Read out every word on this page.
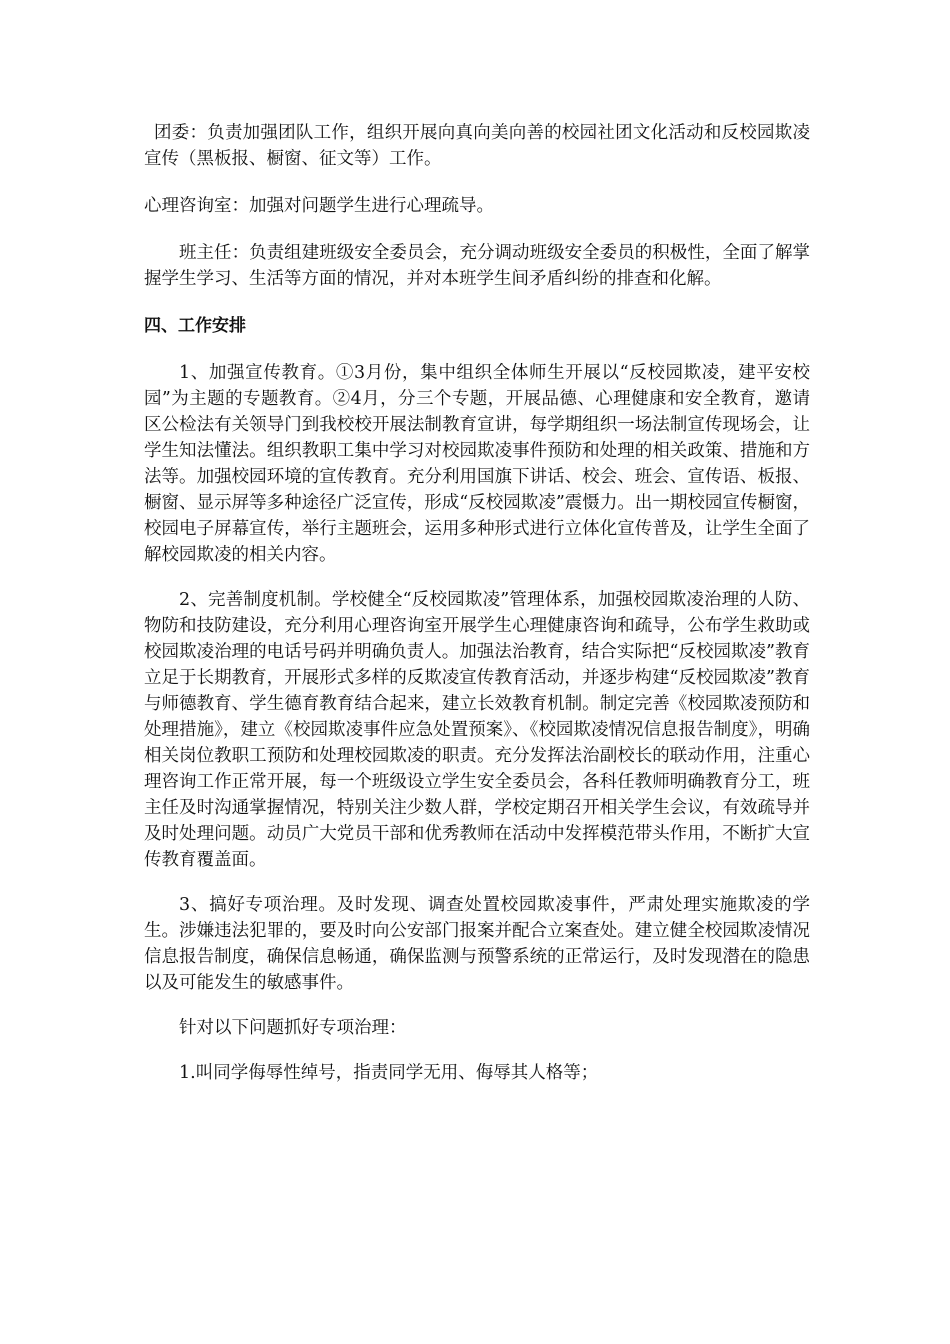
团委：负责加强团队工作，组织开展向真向美向善的校园社团文化活动和反校园欺凌宣传（黑板报、橱窗、征文等）工作。

心理咨询室：加强对问题学生进行心理疏导。

班主任：负责组建班级安全委员会，充分调动班级安全委员的积极性，全面了解掌握学生学习、生活等方面的情况，并对本班学生间矛盾纠纷的排查和化解。

四、工作安排

1、加强宣传教育。①3月份，集中组织全体师生开展以“反校园欺凌，建平安校园”为主题的专题教育。②4月，分三个专题，开展品德、心理健康和安全教育，邀请区公检法有关领导门到我校校开展法制教育宣讲，每学期组织一场法制宣传现场会，让学生知法懂法。组织教职工集中学习对校园欺凌事件预防和处理的相关政策、措施和方法等。加强校园环境的宣传教育。充分利用国旗下讲话、校会、班会、宣传语、板报、橱窗、显示屏等多种途径广泛宣传，形成“反校园欺凌”震慑力。出一期校园宣传橱窗，校园电子屏幕宣传，举行主题班会，运用多种形式进行立体化宣传普及，让学生全面了解校园欺凌的相关内容。

2、完善制度机制。学校健全“反校园欺凌”管理体系，加强校园欺凌治理的人防、物防和技防建设，充分利用心理咨询室开展学生心理健康咨询和疏导，公布学生救助或校园欺凌治理的电话号码并明确负责人。加强法治教育，结合实际把“反校园欺凌”教育立足于长期教育，开展形式多样的反欺凌宣传教育活动，并逐步构建“反校园欺凌”教育与师德教育、学生德育教育结合起来，建立长效教育机制。制定完善《校园欺凌预防和处理措施》，建立《校园欺凌事件应急处置预案》、《校园欺凌情况信息报告制度》，明确相关岗位教职工预防和处理校园欺凌的职责。充分发挥法治副校长的联动作用，注重心理咨询工作正常开展，每一个班级设立学生安全委员会，各科任教师明确教育分工，班主任及时沟通掌握情况，特别关注少数人群，学校定期召开相关学生会议，有效疏导并及时处理问题。动员广大党员干部和优秀教师在活动中发挥模范带头作用，不断扩大宣传教育覆盖面。

3、搞好专项治理。及时发现、调查处置校园欺凌事件，严肃处理实施欺凌的学生。涉嫌违法犯罪的，要及时向公安部门报案并配合立案查处。建立健全校园欺凌情况信息报告制度，确保信息畅通，确保监测与预警系统的正常运行，及时发现潜在的隐患以及可能发生的敏感事件。

针对以下问题抓好专项治理：

1.叫同学侮辱性绰号，指责同学无用、侮辱其人格等；
